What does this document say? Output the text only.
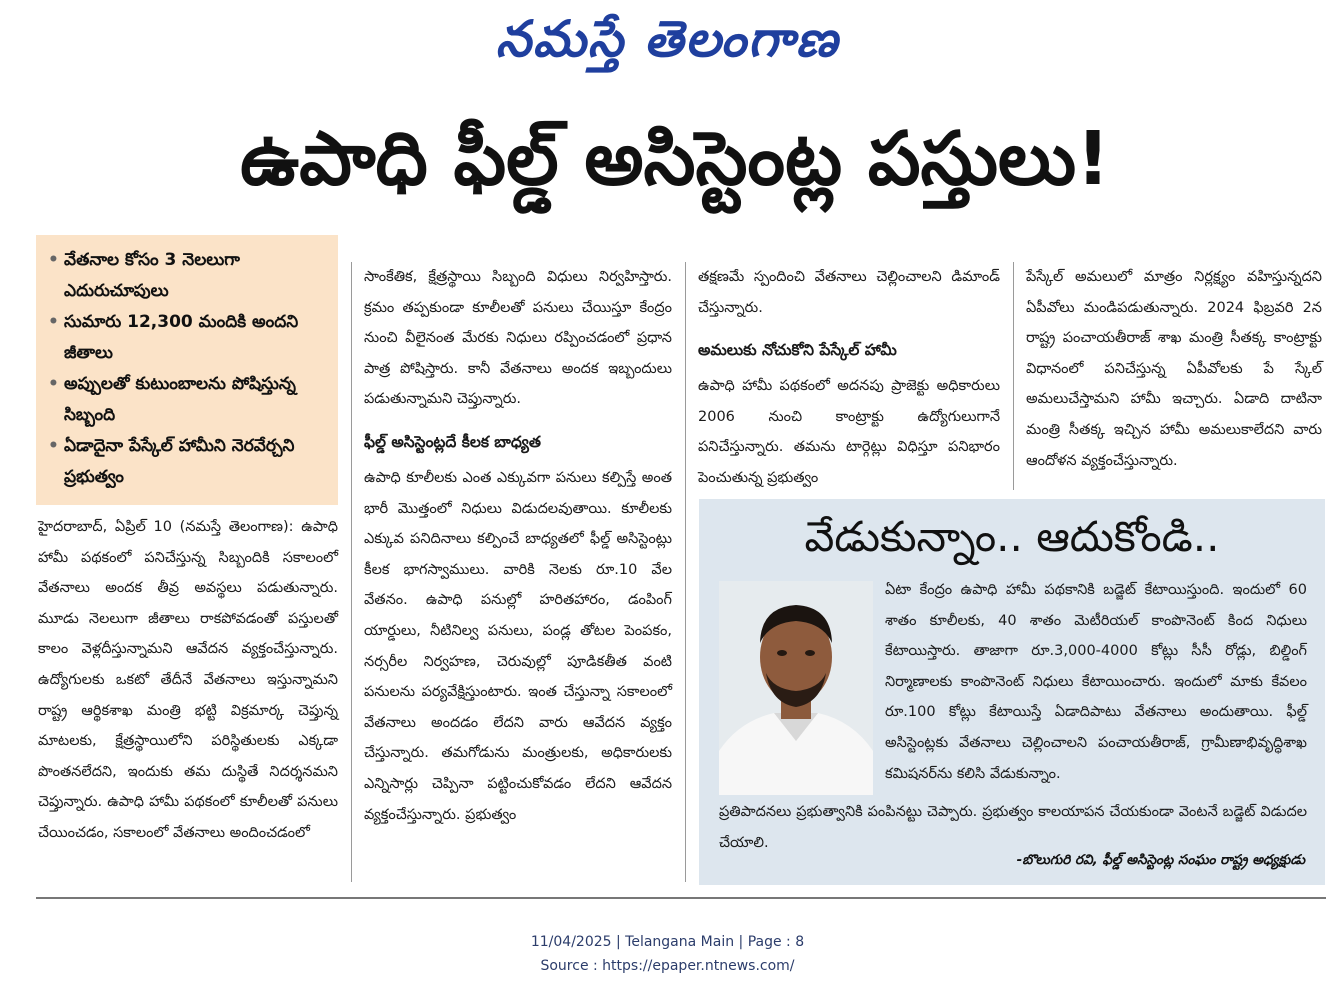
నమస్తే తెలంగాణ
ఉపాధి ఫీల్డ్ అసిస్టెంట్ల పస్తులు!
• వేతనాల కోసం 3 నెలలుగా ఎదురుచూపులు
• సుమారు 12,300 మందికి అందని జీతాలు
• అప్పులతో కుటుంబాలను పోషిస్తున్న సిబ్బంది
• ఏడాదైనా పేస్కేల్ హామీని నెరవేర్చని ప్రభుత్వం

హైదరాబాద్, ఏప్రిల్ 10 (నమస్తే తెలంగాణ): ఉపాధి హామీ పథకంలో పనిచేస్తున్న సిబ్బందికి సకాలంలో వేతనాలు అందక తీవ్ర అవస్థలు పడుతున్నారు. మూడు నెలలుగా జీతాలు రాకపోవడంతో పస్తులతో కాలం వెళ్లదీస్తున్నామని ఆవేదన వ్యక్తంచేస్తున్నారు. ఉద్యోగులకు ఒకటో తేదీనే వేతనాలు ఇస్తున్నామని రాష్ట్ర ఆర్థికశాఖ మంత్రి భట్టి విక్రమార్క చెప్తున్న మాటలకు, క్షేత్రస్థాయిలోని పరిస్థితులకు ఎక్కడా పొంతనలేదని, ఇందుకు తమ దుస్థితే నిదర్శనమని చెప్తున్నారు. ఉపాధి హామీ పథకంలో కూలీలతో పనులు చేయించడం, సకాలంలో వేతనాలు అందించడంలో

సాంకేతిక, క్షేత్రస్థాయి సిబ్బంది విధులు నిర్వహిస్తారు. క్రమం తప్పకుండా కూలీలతో పనులు చేయిస్తూ కేంద్రం నుంచి వీలైనంత మేరకు నిధులు రప్పించడంలో ప్రధాన పాత్ర పోషిస్తారు. కానీ వేతనాలు అందక ఇబ్బందులు పడుతున్నామని చెప్తున్నారు.

ఫీల్డ్ అసిస్టెంట్లదే కీలక బాధ్యత

ఉపాధి కూలీలకు ఎంత ఎక్కువగా పనులు కల్పిస్తే అంత భారీ మొత్తంలో నిధులు విడుదలవుతాయి. కూలీలకు ఎక్కువ పనిదినాలు కల్పించే బాధ్యతలో ఫీల్డ్ అసిస్టెంట్లు కీలక భాగస్వాములు. వారికి నెలకు రూ.10 వేల వేతనం. ఉపాధి పనుల్లో హరితహారం, డంపింగ్ యార్డులు, నీటినిల్వ పనులు, పండ్ల తోటల పెంపకం, నర్సరీల నిర్వహణ, చెరువుల్లో పూడికతీత వంటి పనులను పర్యవేక్షిస్తుంటారు. ఇంత చేస్తున్నా సకాలంలో వేతనాలు అందడం లేదని వారు ఆవేదన వ్యక్తం చేస్తున్నారు. తమగోడును మంత్రులకు, అధికారులకు ఎన్నిసార్లు చెప్పినా పట్టించుకోవడం లేదని ఆవేదన వ్యక్తంచేస్తున్నారు. ప్రభుత్వం

తక్షణమే స్పందించి వేతనాలు చెల్లించాలని డిమాండ్ చేస్తున్నారు.

అమలుకు నోచుకోని పేస్కేల్ హామీ

ఉపాధి హామీ పథకంలో అదనపు ప్రాజెక్టు అధికారులు 2006 నుంచి కాంట్రాక్టు ఉద్యోగులుగానే పనిచేస్తున్నారు. తమను టార్గెట్లు విధిస్తూ పనిభారం పెంచుతున్న ప్రభుత్వం

పేస్కేల్ అమలులో మాత్రం నిర్లక్ష్యం వహిస్తున్నదని ఏపీవోలు మండిపడుతున్నారు. 2024 ఫిబ్రవరి 2న రాష్ట్ర పంచాయతీరాజ్ శాఖ మంత్రి సీతక్క కాంట్రాక్టు విధానంలో పనిచేస్తున్న ఏపీవోలకు పే స్కేల్ అమలుచేస్తామని హామీ ఇచ్చారు. ఏడాది దాటినా మంత్రి సీతక్క ఇచ్చిన హామీ అమలుకాలేదని వారు ఆందోళన వ్యక్తంచేస్తున్నారు.

వేడుకున్నాం.. ఆదుకోండి..
ఏటా కేంద్రం ఉపాధి హామీ పథకానికి బడ్జెట్ కేటాయిస్తుంది. ఇందులో 60 శాతం కూలీలకు, 40 శాతం మెటీరియల్ కాంపొనెంట్ కింద నిధులు కేటాయిస్తారు. తాజాగా రూ.3,000-4000 కోట్లు సీసీ రోడ్లు, బిల్డింగ్ నిర్మాణాలకు కాంపొనెంట్ నిధులు కేటాయించారు. ఇందులో మాకు కేవలం రూ.100 కోట్లు కేటాయిస్తే ఏడాదిపాటు వేతనాలు అందుతాయి. ఫీల్డ్ అసిస్టెంట్లకు వేతనాలు చెల్లించాలని పంచాయతీరాజ్, గ్రామీణాభివృద్ధిశాఖ కమిషనర్‌ను కలిసి వేడుకున్నాం.
ప్రతిపాదనలు ప్రభుత్వానికి పంపినట్టు చెప్పారు. ప్రభుత్వం కాలయాపన చేయకుండా వెంటనే బడ్జెట్ విడుదల చేయాలి.
-బొలుగురి రవి, ఫీల్డ్ అసిస్టెంట్ల సంఘం రాష్ట్ర అధ్యక్షుడు
11/04/2025 | Telangana Main | Page : 8
Source : https://epaper.ntnews.com/
